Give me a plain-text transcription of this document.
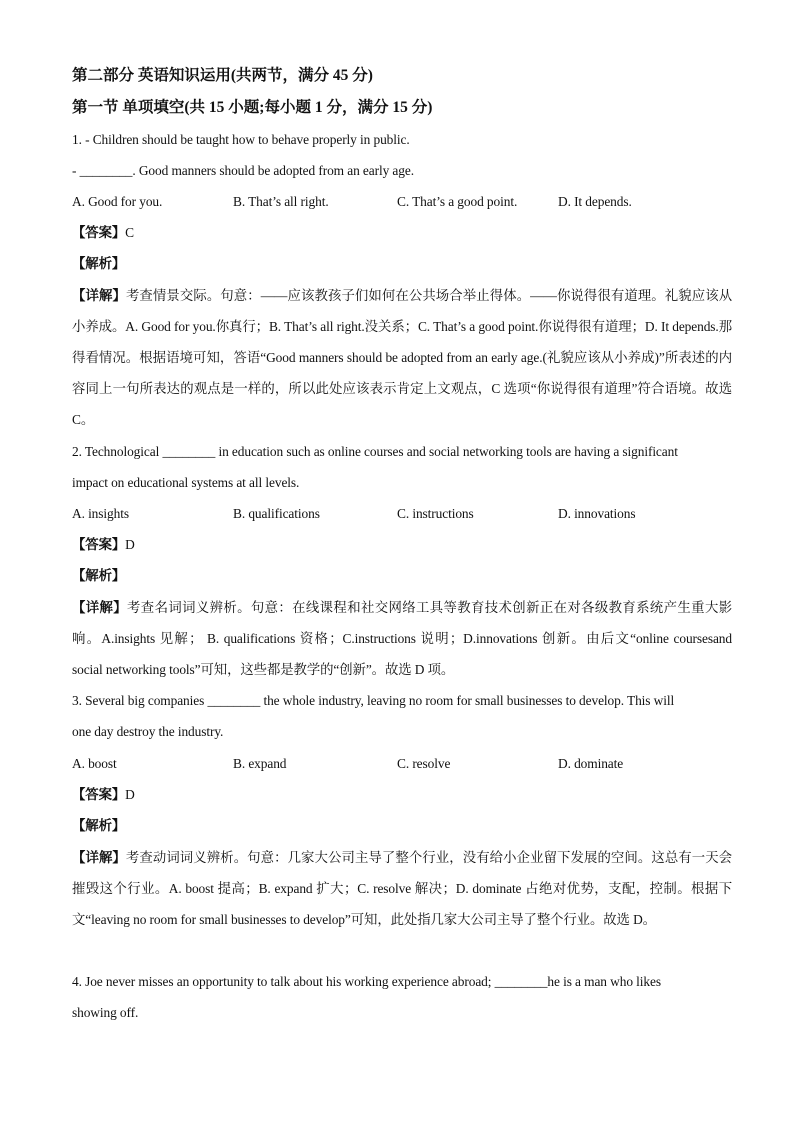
第二部分 英语知识运用(共两节，满分 45 分)
第一节 单项填空(共 15 小题;每小题 1 分，满分 15 分)
1. - Children should be taught how to behave properly in public.
- ________. Good manners should be adopted from an early age.
A. Good for you.	B. That’s all right.	C. That’s a good point.	D. It depends.
【答案】C
【解析】
【详解】考查情景交际。句意：——应该教孩子们如何在公共场合举止得体。——你说得很有道理。礼貌应该从小养成。A. Good for you.你真行；B. That’s all right.没关系；C. That’s a good point.你说得很有道理；D. It depends.那得看情况。根据语境可知，答语“Good manners should be adopted from an early age.(礼貌应该从小养成)”所表述的内容同上一句所表达的观点是一样的，所以此处应该表示肯定上文观点，C 选项“你说得很有道理”符合语境。故选 C。
2. Technological ________ in education such as online courses and social networking tools are having a significant
impact on educational systems at all levels.
A. insights	B. qualifications	C. instructions	D. innovations
【答案】D
【解析】
【详解】考查名词词义辨析。句意：在线课程和社交网络工具等教育技术创新正在对各级教育系统产生重大影响。A.insights 见解； B. qualifications 资格；C.instructions 说明；D.innovations 创新。由后文“online coursesand social networking tools”可知，这些都是教学的“创新”。故选 D 项。
3. Several big companies ________ the whole industry, leaving no room for small businesses to develop. This will
one day destroy the industry.
A. boost	B. expand	C. resolve	D. dominate
【答案】D
【解析】
【详解】考查动词词义辨析。句意：几家大公司主导了整个行业，没有给小企业留下发展的空间。这总有一天会摧毁这个行业。A. boost 提高；B. expand 扩大；C. resolve 解决；D. dominate 占绝对优势，支配，控制。根据下文“leaving no room for small businesses to develop”可知，此处指几家大公司主导了整个行业。故选 D。
4. Joe never misses an opportunity to talk about his working experience abroad; ________he is a man who likes
showing off.
